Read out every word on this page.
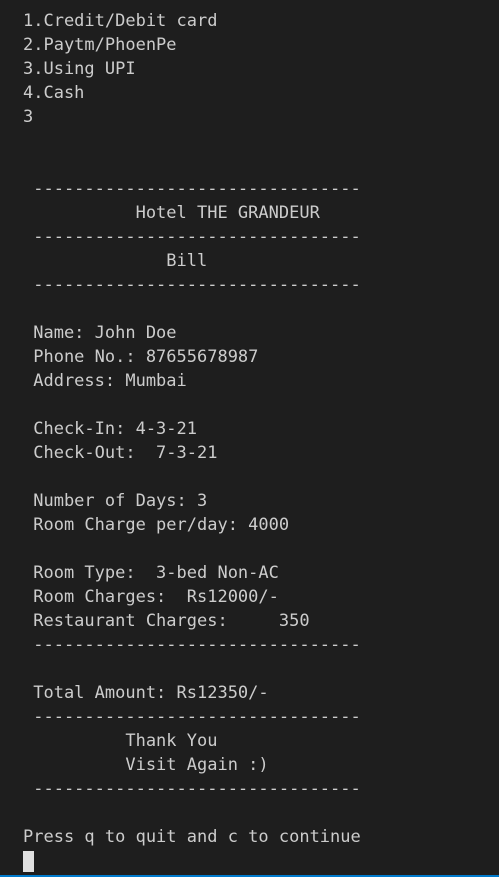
1.Credit/Debit card
2.Paytm/PhoenPe
3.Using UPI
4.Cash
3
--------------------------------
Hotel THE GRANDEUR
--------------------------------
Bill
--------------------------------
Name: John Doe
Phone No.: 87655678987
Address: Mumbai
Check-In: 4-3-21
Check-Out:  7-3-21
Number of Days: 3
Room Charge per/day: 4000
Room Type:  3-bed Non-AC
Room Charges:  Rs12000/-
Restaurant Charges:     350
--------------------------------
Total Amount: Rs12350/-
--------------------------------
Thank You
Visit Again :)
--------------------------------
Press q to quit and c to continue
